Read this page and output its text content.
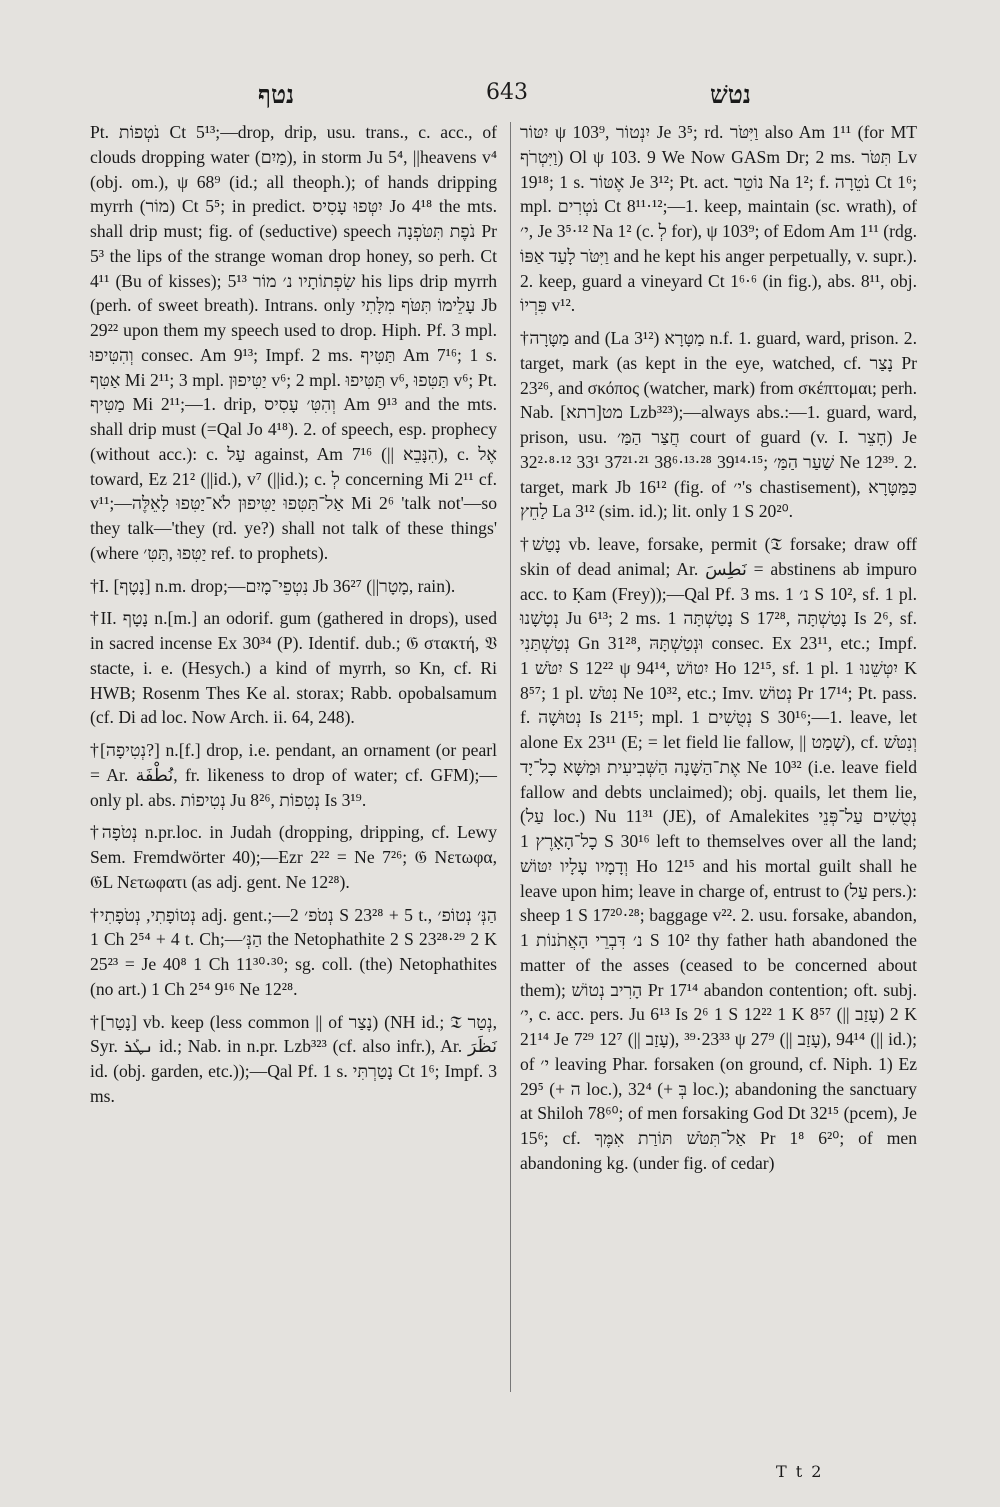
נטף	643	נטשׁ

Pt. נֹטְפוֹת Ct 5¹³;—drop, drip, usu. trans., c. acc., of clouds dropping water (מַיִם), in storm Ju 5⁴, ||heavens v⁴ (obj. om.), ψ 68⁹ (id.; all theoph.); of hands dripping myrrh (מוֹר) Ct 5⁵; in predict. יִטְּפוּ עָסִיס Jo 4¹⁸ the mts. shall drip must; fig. of (seductive) speech נֹפֶת תִּטֹּפְנָה Pr 5³ the lips of the strange woman drop honey, so perh. Ct 4¹¹ (Bu of kisses); שִׂפְתוֹתָיו נ׳ מוֹר 5¹³ his lips drip myrrh (perh. of sweet breath). Intrans. only עָלֵימוֹ תִּטֹּף מִלָּתִי Jb 29²² upon them my speech used to drop. Hiph. Pf. 3 mpl. וְהִטִּיפוּ consec. Am 9¹³; Impf. 2 ms. תַּטִּיף Am 7¹⁶; 1 s. אַטִּף Mi 2¹¹; 3 mpl. יַטִּיפוּן v⁶; 2 mpl. תַּטִּיפוּ v⁶, תַּטִּפוּ v⁶; Pt. מַטִּיף Mi 2¹¹;—1. drip, וְהִטִּ׳ עָסִיס Am 9¹³ and the mts. shall drip must (=Qal Jo 4¹⁸). 2. of speech, esp. prophecy (without acc.): c. עַל against, Am 7¹⁶ (|| הִנָּבֵא), c. אֶל toward, Ez 21² (||id.), v⁷ (||id.); c. לְ concerning Mi 2¹¹ cf. v¹¹;—אַל־תַּטִּפוּ יַטִּיפוּן לֹא־יַטִּפוּ לָאֵלֶּה Mi 2⁶ 'talk not'—so they talk—'they (rd. ye?) shall not talk of these things' (where יַטִּפוּ ,תַּטִּ׳ ref. to prophets).

†I. [נָטָף] n.m. drop;—נִטְפֵי־מָיִם Jb 36²⁷ (||מָטָר, rain).

†II. נָטָף n.[m.] an odorif. gum (gathered in drops), used in sacred incense Ex 30³⁴ (P). Identif. dub.; 𝔊 στακτή, 𝔙 stacte, i. e. (Hesych.) a kind of myrrh, so Kn, cf. Ri HWB; Rosenm Thes Ke al. storax; Rabb. opobalsamum (cf. Di ad loc. Now Arch. ii. 64, 248).

†[נְטִיפָה?] n.[f.] drop, i.e. pendant, an ornament (or pearl = Ar. نُطْفَة, fr. likeness to drop of water; cf. GFM);—only pl. abs. נְטִיפוֹת Ju 8²⁶, נְטִפוֹת Is 3¹⁹.

†נְטֹפָה n.pr.loc. in Judah (dropping, dripping, cf. Lewy Sem. Fremdwörter 40);—Ezr 2²² = Ne 7²⁶; 𝔊 Νετωφα, 𝔊L Νετωφατι (as adj. gent. Ne 12²⁸).

†נְטוֹפָתִי, נְטֹפָתִי adj. gent.;—נְטֹפ׳ 2 S 23²⁸ + 5 t., הַנְּ׳ נְטוֹפ׳ 1 Ch 2⁵⁴ + 4 t. Ch;—הַנְּ׳ the Netophathite 2 S 23²⁸·²⁹ 2 K 25²³ = Je 40⁸ 1 Ch 11³⁰·³⁰; sg. coll. (the) Netophathites (no art.) 1 Ch 2⁵⁴ 9¹⁶ Ne 12²⁸.

†[נָטַר] vb. keep (less common || of נָצַר) (NH id.; 𝔗 נְטַר, Syr. ܢܛܰܪ id.; Nab. in n.pr. Lzb³²³ (cf. also infr.), Ar. نَظَرَ id. (obj. garden, etc.));—Qal Pf. 1 s. נָטַרְתִּי Ct 1⁶; Impf. 3 ms.

יִטּוֹר ψ 103⁹, יִנְטוֹר Je 3⁵; rd. וַיִּטֹּר also Am 1¹¹ (for MT וַיִּטְרֹף) Ol ψ 103. 9 We Now GASm Dr; 2 ms. תִּטֹּר Lv 19¹⁸; 1 s. אֶטּוֹר Je 3¹²; Pt. act. נוֹטֵר Na 1²; f. נֹטֵרָה Ct 1⁶; mpl. נֹטְרִים Ct 8¹¹·¹²;—1. keep, maintain (sc. wrath), of י׳, Je 3⁵·¹² Na 1² (c. לְ for), ψ 103⁹; of Edom Am 1¹¹ (rdg. וַיִּטֹּר לָעַד אַפּוֹ and he kept his anger perpetually, v. supr.). 2. keep, guard a vineyard Ct 1⁶·⁶ (in fig.), abs. 8¹¹, obj. פִּרְיוֹ v¹².

†מַטָּרָה and (La 3¹²) מַטָּרָא n.f. 1. guard, ward, prison. 2. target, mark (as kept in the eye, watched, cf. נָצַר Pr 23²⁶, and σκόπος (watcher, mark) from σκέπτομαι; perh. Nab. [מט[רתא Lzb³²³);—always abs.:—1. guard, ward, prison, usu. חֲצַר הַמַּ׳ court of guard (v. I. חָצֵר) Je 32²·⁸·¹² 33¹ 37²¹·²¹ 38⁶·¹³·²⁸ 39¹⁴·¹⁵; שַׁעַר הַמַּ׳ Ne 12³⁹. 2. target, mark Jb 16¹² (fig. of י׳'s chastisement), כַּמַּטָּרָא לַחֵץ La 3¹² (sim. id.); lit. only 1 S 20²⁰.

†נָטַשׁ vb. leave, forsake, permit (𝔗 forsake; draw off skin of dead animal; Ar. نَطِسَ = abstinens ab impuro acc. to Ḳam (Frey));—Qal Pf. 3 ms. נ׳ 1 S 10², sf. 1 pl. נְטָשָׁנוּ Ju 6¹³; 2 ms. נָטַשְׁתָּה 1 S 17²⁸, נָטַשְׁתָּה Is 2⁶, sf. נְטַשְׁתַּנִי Gn 31²⁸, וּנְטַשְׁתָּהּ consec. Ex 23¹¹, etc.; Impf. יִטֹּשׁ 1 S 12²² ψ 94¹⁴, יִטּוֹשׁ Ho 12¹⁵, sf. 1 pl. יִטְּשֵׁנוּ 1 K 8⁵⁷; 1 pl. נִטֹּשׁ Ne 10³², etc.; Imv. נְטוֹשׁ Pr 17¹⁴; Pt. pass. f. נְטוּשָׁה Is 21¹⁵; mpl. נְטֻשִׁים 1 S 30¹⁶;—1. leave, let alone Ex 23¹¹ (E; = let field lie fallow, || שָׁמַט), cf. וְנִטֹּשׁ אֶת־הַשָּׁנָה הַשְּׁבִיעִית וּמַשָּׁא כָל־יָד Ne 10³² (i.e. leave field fallow and debts unclaimed); obj. quails, let them lie, (עַל loc.) Nu 11³¹ (JE), of Amalekites נְטֻשִׁים עַל־פְּנֵי כָל־הָאָרֶץ 1 S 30¹⁶ left to themselves over all the land; וְדָמָיו עָלָיו יִטּוֹשׁ Ho 12¹⁵ and his mortal guilt shall he leave upon him; leave in charge of, entrust to (עַל pers.): sheep 1 S 17²⁰·²⁸; baggage v²². 2. usu. forsake, abandon, נ׳ דִּבְרֵי הָאֲתֹנוֹת 1 S 10² thy father hath abandoned the matter of the asses (ceased to be concerned about them); הָרִיב נְטוֹשׁ Pr 17¹⁴ abandon contention; oft. subj. י׳, c. acc. pers. Ju 6¹³ Is 2⁶ 1 S 12²² 1 K 8⁵⁷ (|| עָזַב) 2 K 21¹⁴ Je 7²⁹ 12⁷ (|| עָזַב), 23³³·³⁹ ψ 27⁹ (|| עָזַב), 94¹⁴ (|| id.); of י׳ leaving Phar. forsaken (on ground, cf. Niph. 1) Ez 29⁵ (+ ה loc.), 32⁴ (+ בְּ loc.); abandoning the sanctuary at Shiloh 78⁶⁰; of men forsaking God Dt 32¹⁵ (pcem), Je 15⁶; cf. אַל־תִּטֹּשׁ תּוֹרַת אִמֶּךָ Pr 1⁸ 6²⁰; of men abandoning kg. (under fig. of cedar)

T t 2
